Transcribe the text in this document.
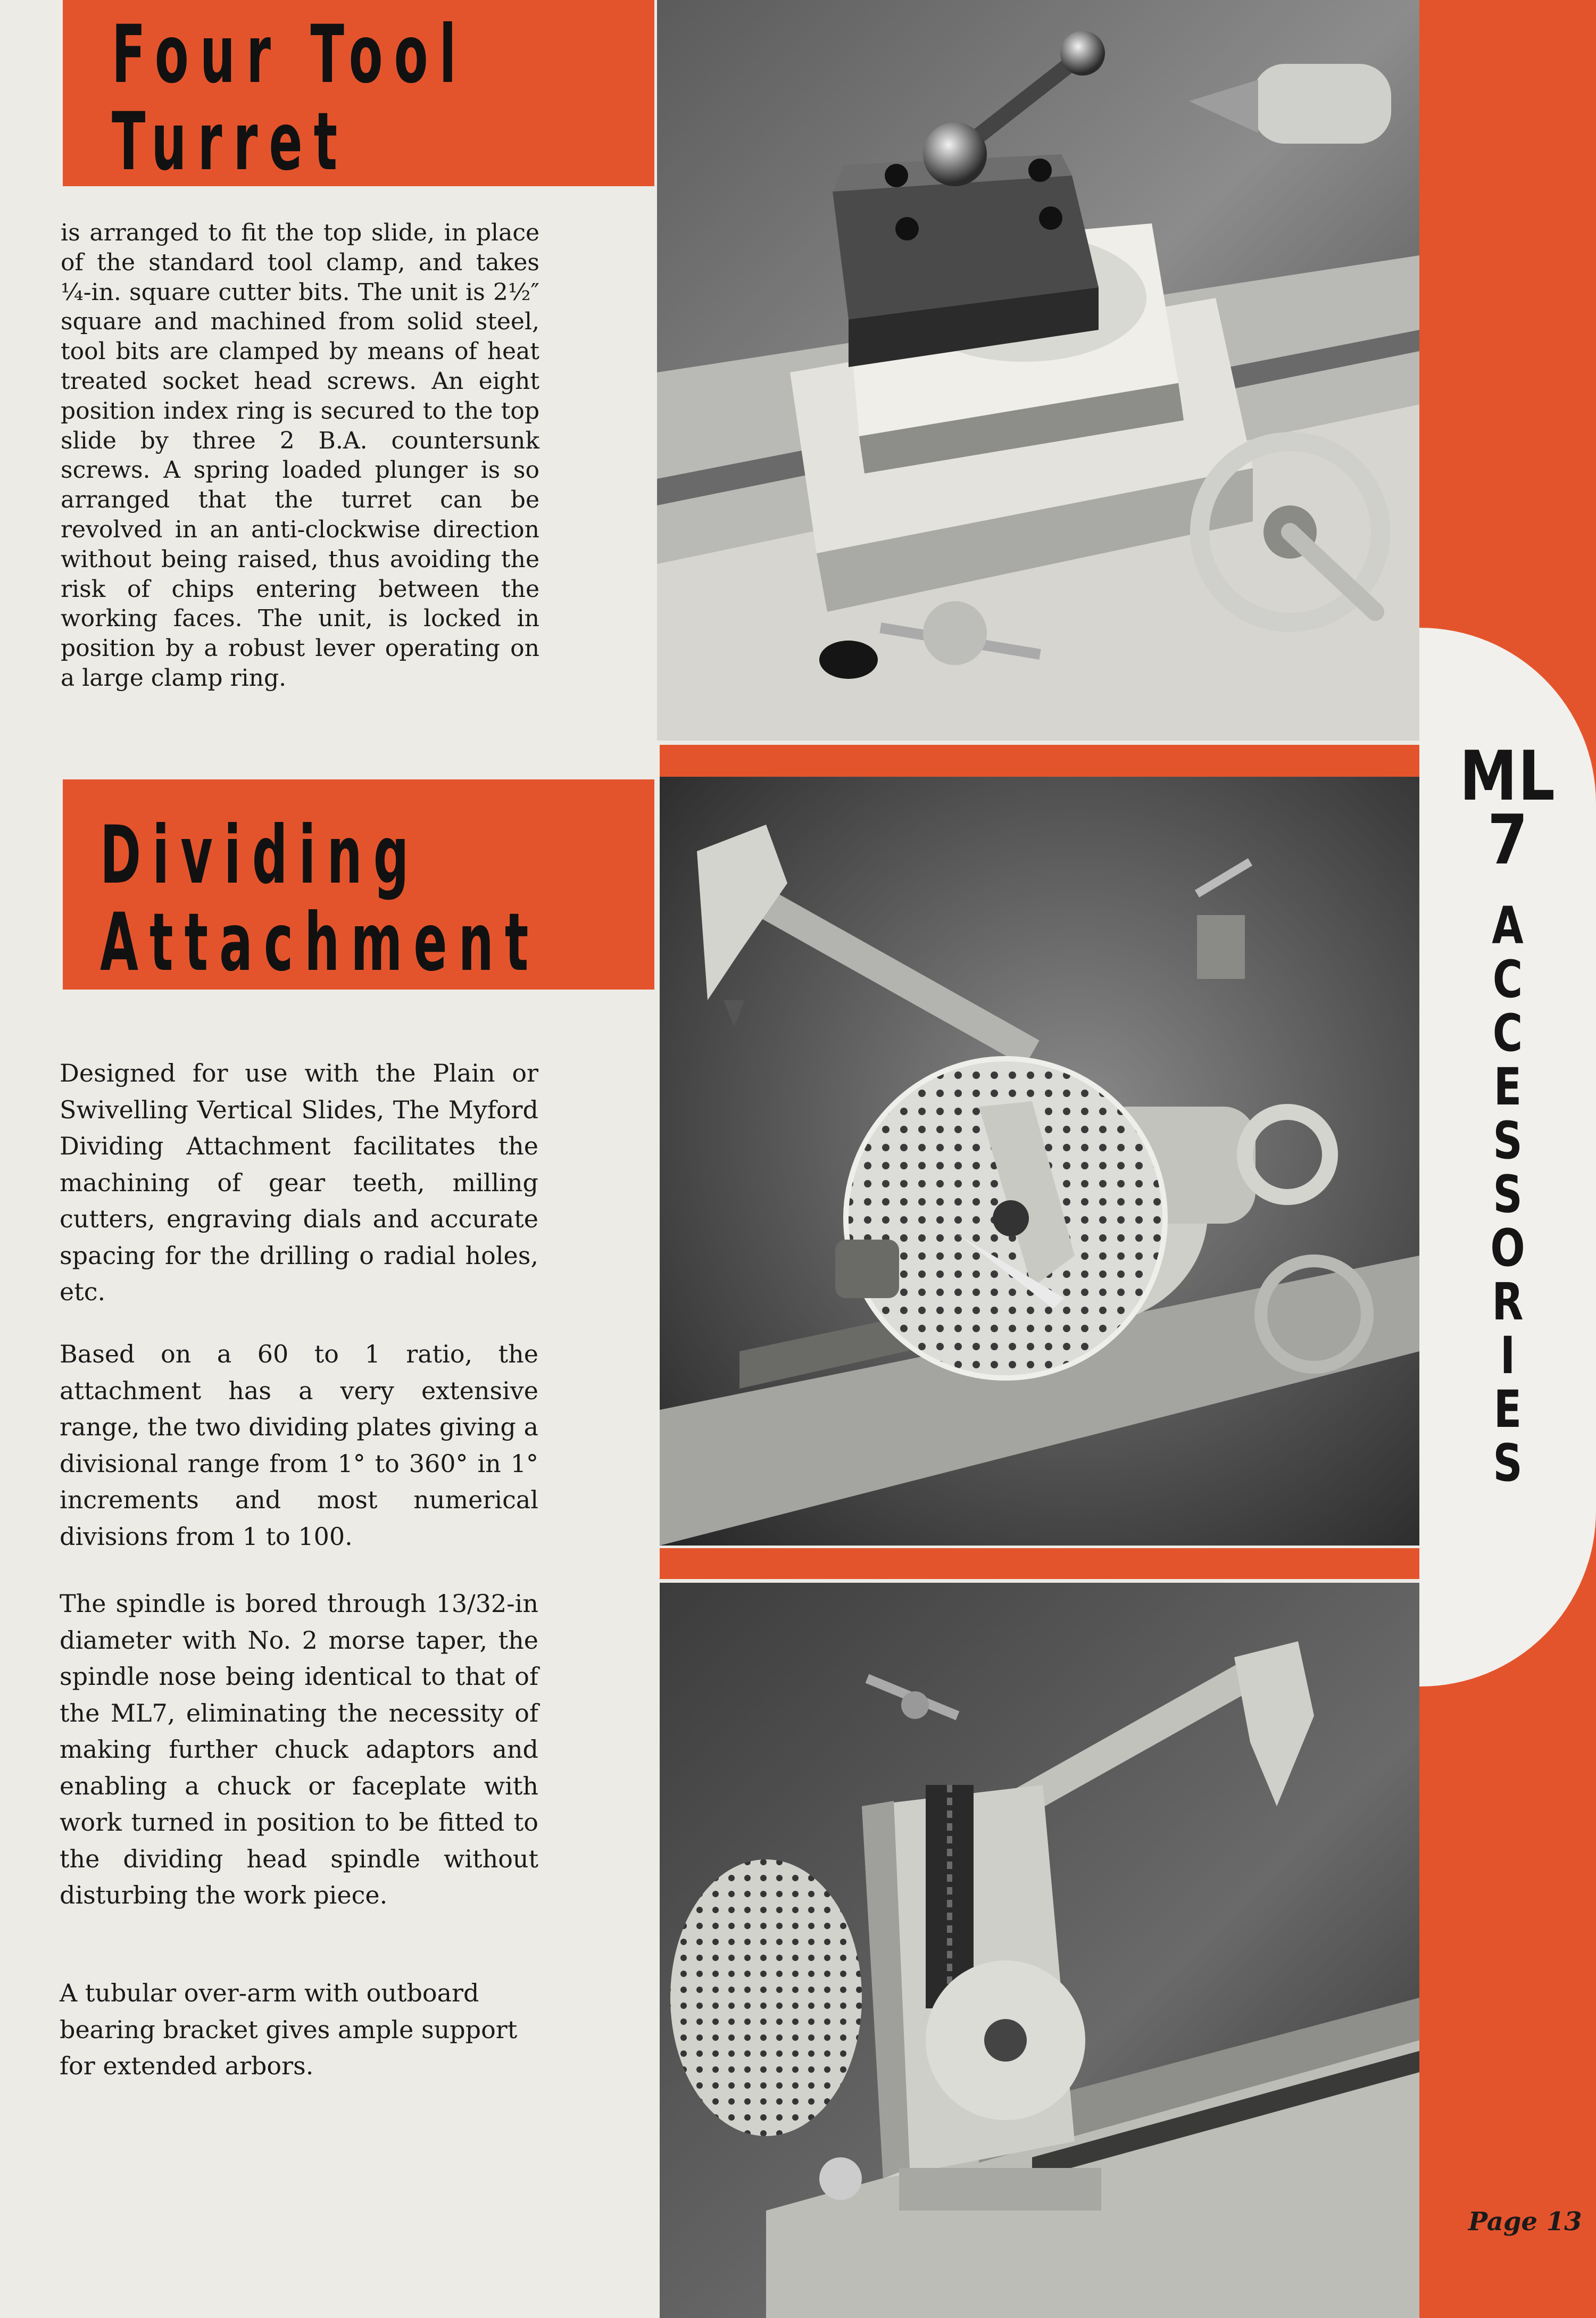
ML
7
A
C
C
E
S
S
O
R
I
E
S
Four Tool
Turret
is arranged to fit the top slide, in place of the standard tool clamp, and takes ¼-in. square cutter bits. The unit is 2½″ square and machined from solid steel, tool bits are clamped by means of heat treated socket head screws. An eight position index ring is secured to the top slide by three 2 B.A. countersunk screws. A spring loaded plunger is so arranged that the turret can be revolved in an anti-clockwise direction without being raised, thus avoiding the risk of chips entering between the working faces. The unit, is locked in position by a robust lever operating on a large clamp ring.
Dividing
Attachment
Designed for use with the Plain or Swivelling Vertical Slides, The Myford Dividing Attachment facilitates the machining of gear teeth, milling cutters, engraving dials and accurate spacing for the drilling o radial holes, etc.
Based on a 60 to 1 ratio, the attachment has a very extensive range, the two dividing plates giving a divisional range from 1° to 360° in 1° increments and most numerical divisions from 1 to 100.
The spindle is bored through 13/32-in diameter with No. 2 morse taper, the spindle nose being identical to that of the ML7, eliminating the necessity of making further chuck adaptors and enabling a chuck or faceplate with work turned in position to be fitted to the dividing head spindle without disturbing the work piece.
A tubular over-arm with outboard bearing bracket gives ample support for extended arbors.
Page 13
